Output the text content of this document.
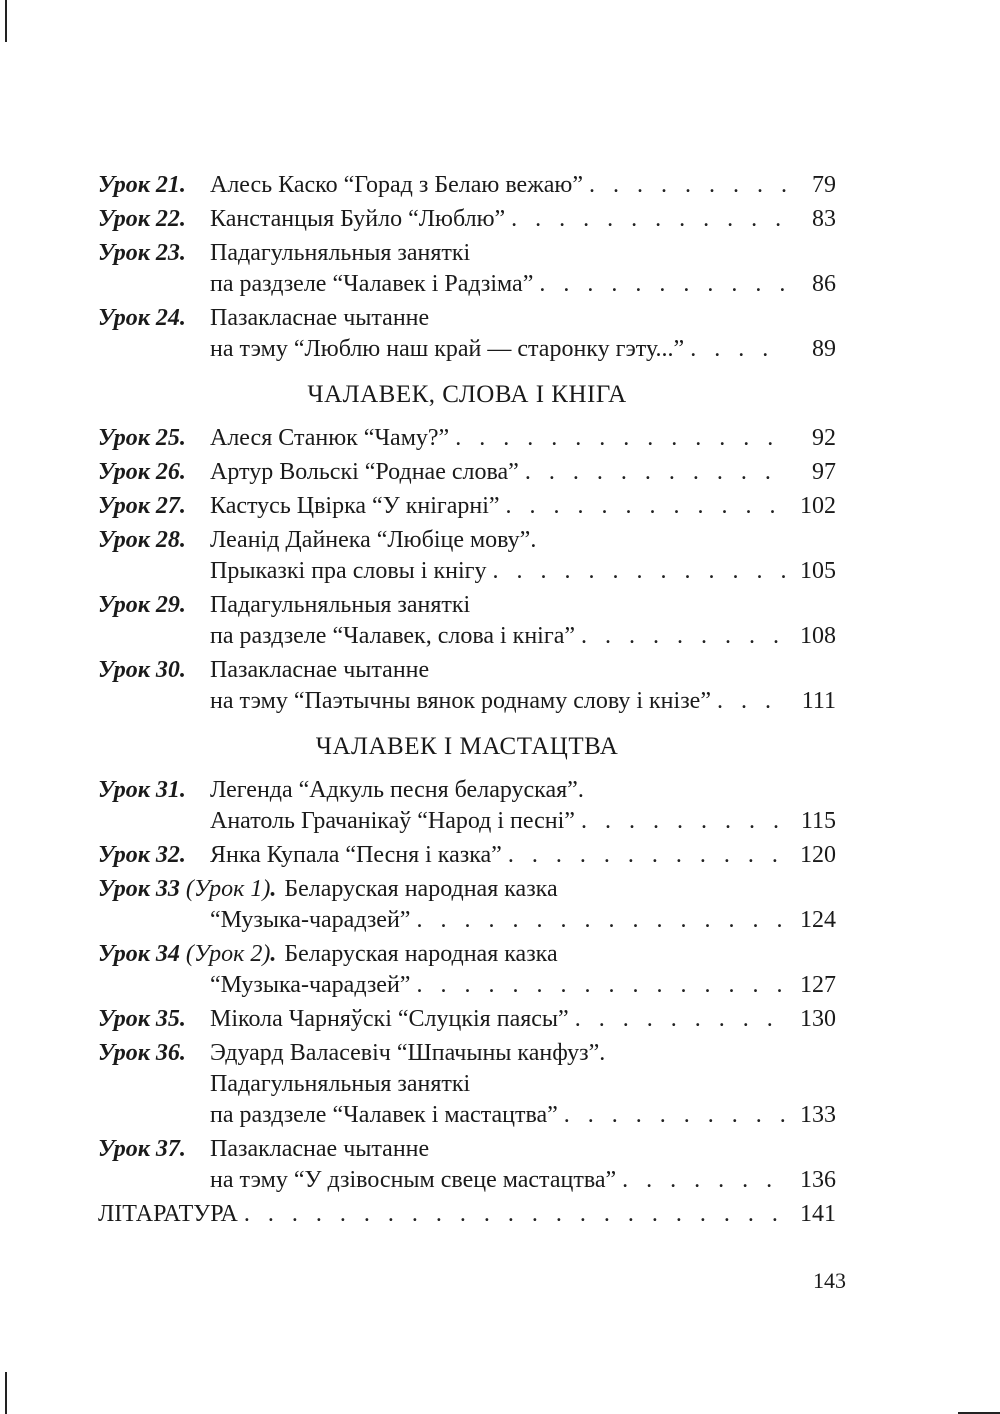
Урок 21.	Алесь Каско “Горад з Белаю вежаю” . . .	79
Урок 22.	Канстанцыя Буйло “Люблю” . . .	83
Урок 23.	Падагульняльныя заняткі
па раздзеле “Чалавек і Радзіма” . . .	86
Урок 24.	Пазакласнае чытанне
на тэму “Люблю наш край — старонку гэту...” . . .	89
ЧАЛАВЕК, СЛОВА І КНІГА
Урок 25.	Алеся Станюк “Чаму?” . . .	92
Урок 26.	Артур Вольскі “Роднае слова” . . .	97
Урок 27.	Кастусь Цвірка “У кнігарні” . . .	102
Урок 28.	Леанід Дайнека “Любіце мову”.
Прыказкі пра словы і кнігу . . .	105
Урок 29.	Падагульняльныя заняткі
па раздзеле “Чалавек, слова і кніга” . . .	108
Урок 30.	Пазакласнае чытанне
на тэму “Паэтычны вянок роднаму слову і кнізе” . . .	111
ЧАЛАВЕК І МАСТАЦТВА
Урок 31.	Легенда “Адкуль песня беларуская”.
Анатоль Грачанікаў “Народ і песні” . . .	115
Урок 32.	Янка Купала “Песня і казка” . . .	120
Урок 33 (Урок 1). Беларуская народная казка
“Музыка-чарадзей” . . .	124
Урок 34 (Урок 2). Беларуская народная казка
“Музыка-чарадзей” . . .	127
Урок 35.	Мікола Чарняўскі “Слуцкія паясы” . . .	130
Урок 36.	Эдуард Валасевіч “Шпачыны канфуз”.
Падагульняльныя заняткі
па раздзеле “Чалавек і мастацтва” . . .	133
Урок 37.	Пазакласнае чытанне
на тэму “У дзівосным свеце мастацтва” . . .	136
ЛІТАРАТУРА . . .	141
143
